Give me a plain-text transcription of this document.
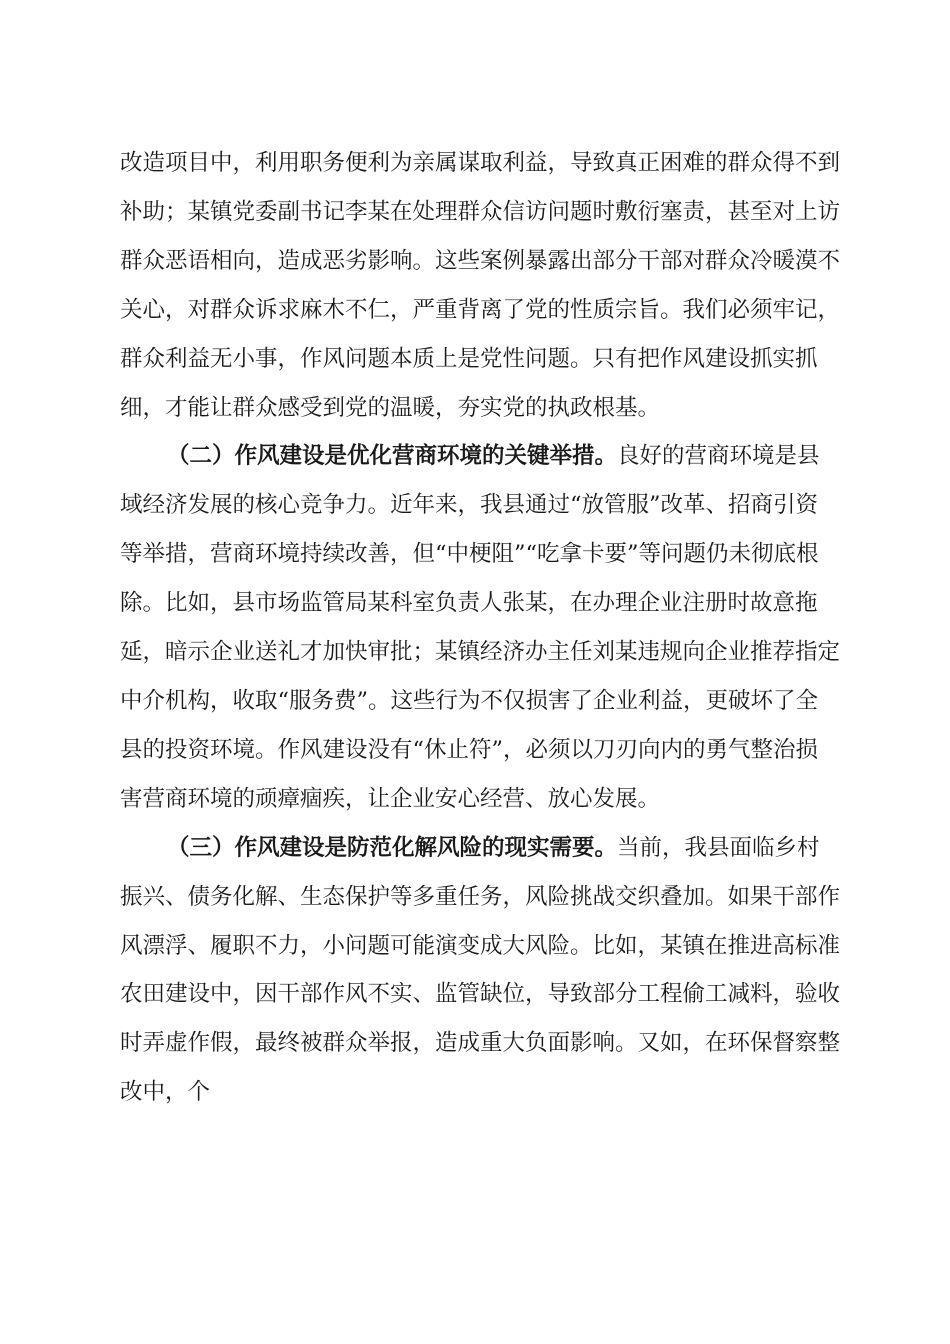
改造项目中，利用职务便利为亲属谋取利益，导致真正困难的群众得不到补助；某镇党委副书记李某在处理群众信访问题时敷衍塞责，甚至对上访群众恶语相向，造成恶劣影响。这些案例暴露出部分干部对群众冷暖漠不关心，对群众诉求麻木不仁，严重背离了党的性质宗旨。我们必须牢记，群众利益无小事，作风问题本质上是党性问题。只有把作风建设抓实抓细，才能让群众感受到党的温暖，夯实党的执政根基。

（二）作风建设是优化营商环境的关键举措。良好的营商环境是县域经济发展的核心竞争力。近年来，我县通过“放管服”改革、招商引资等举措，营商环境持续改善，但“中梗阻”“吃拿卡要”等问题仍未彻底根除。比如，县市场监管局某科室负责人张某，在办理企业注册时故意拖延，暗示企业送礼才加快审批；某镇经济办主任刘某违规向企业推荐指定中介机构，收取“服务费”。这些行为不仅损害了企业利益，更破坏了全县的投资环境。作风建设没有“休止符”，必须以刀刃向内的勇气整治损害营商环境的顽瘴痼疾，让企业安心经营、放心发展。

（三）作风建设是防范化解风险的现实需要。当前，我县面临乡村振兴、债务化解、生态保护等多重任务，风险挑战交织叠加。如果干部作风漂浮、履职不力，小问题可能演变成大风险。比如，某镇在推进高标准农田建设中，因干部作风不实、监管缺位，导致部分工程偷工减料，验收时弄虚作假，最终被群众举报，造成重大负面影响。又如，在环保督察整改中，个
